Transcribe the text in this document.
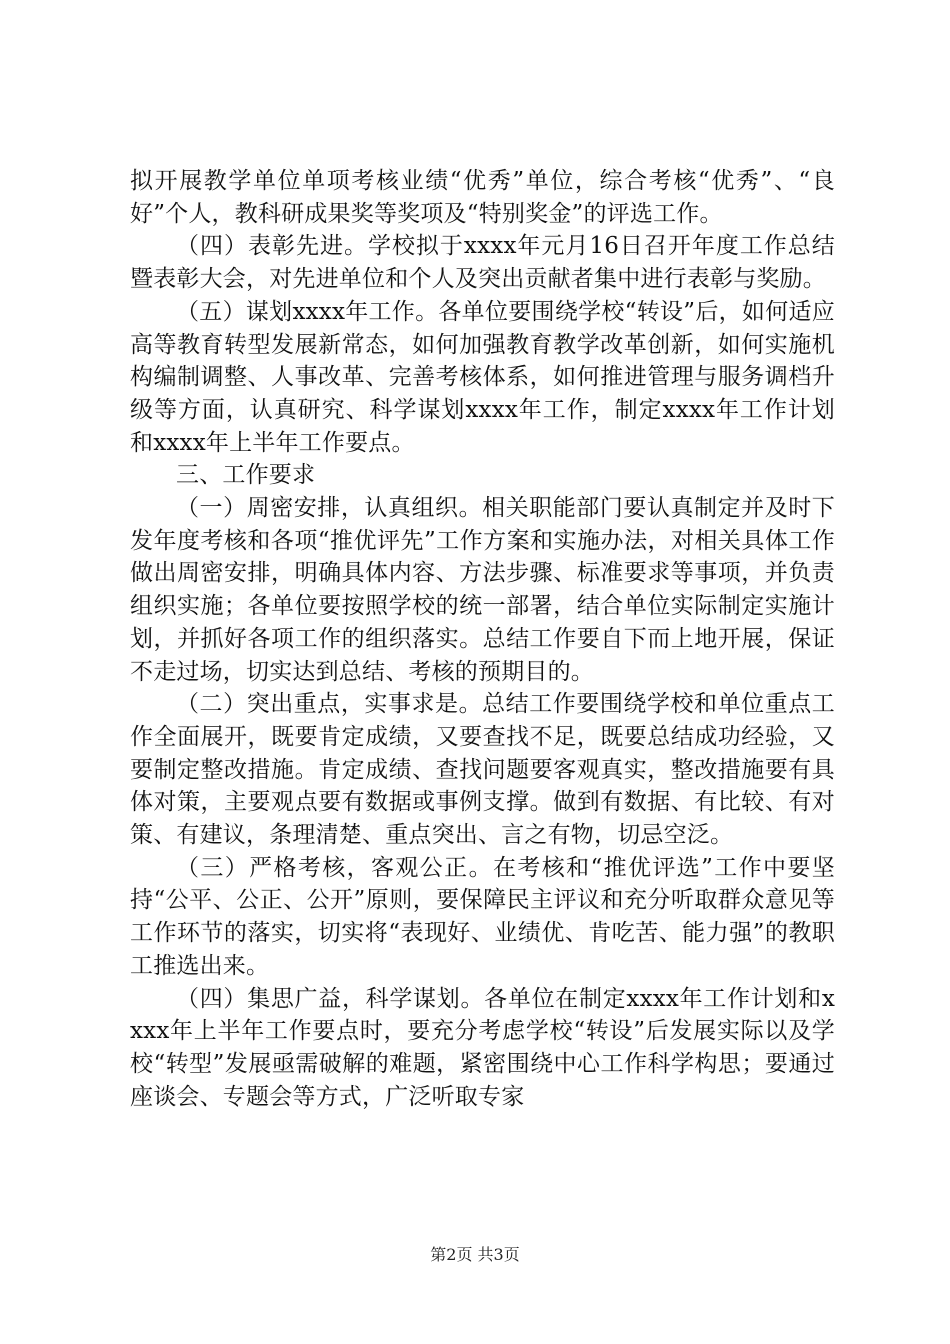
拟开展教学单位单项考核业绩“优秀”单位，综合考核“优秀”、“良好”个人，教科研成果奖等奖项及“特别奖金”的评选工作。

（四）表彰先进。学校拟于xxxx年元月16日召开年度工作总结暨表彰大会，对先进单位和个人及突出贡献者集中进行表彰与奖励。

（五）谋划xxxx年工作。各单位要围绕学校“转设”后，如何适应高等教育转型发展新常态，如何加强教育教学改革创新，如何实施机构编制调整、人事改革、完善考核体系，如何推进管理与服务调档升级等方面，认真研究、科学谋划xxxx年工作，制定xxxx年工作计划和xxxx年上半年工作要点。

三、工作要求

（一）周密安排，认真组织。相关职能部门要认真制定并及时下发年度考核和各项“推优评先”工作方案和实施办法，对相关具体工作做出周密安排，明确具体内容、方法步骤、标准要求等事项，并负责组织实施；各单位要按照学校的统一部署，结合单位实际制定实施计划，并抓好各项工作的组织落实。总结工作要自下而上地开展，保证不走过场，切实达到总结、考核的预期目的。

（二）突出重点，实事求是。总结工作要围绕学校和单位重点工作全面展开，既要肯定成绩，又要查找不足，既要总结成功经验，又要制定整改措施。肯定成绩、查找问题要客观真实，整改措施要有具体对策，主要观点要有数据或事例支撑。做到有数据、有比较、有对策、有建议，条理清楚、重点突出、言之有物，切忌空泛。

（三）严格考核，客观公正。在考核和“推优评选”工作中要坚持“公平、公正、公开”原则，要保障民主评议和充分听取群众意见等工作环节的落实，切实将“表现好、业绩优、肯吃苦、能力强”的教职工推选出来。

（四）集思广益，科学谋划。各单位在制定xxxx年工作计划和xxxx年上半年工作要点时，要充分考虑学校“转设”后发展实际以及学校“转型”发展亟需破解的难题，紧密围绕中心工作科学构思；要通过座谈会、专题会等方式，广泛听取专家

第2页 共3页
